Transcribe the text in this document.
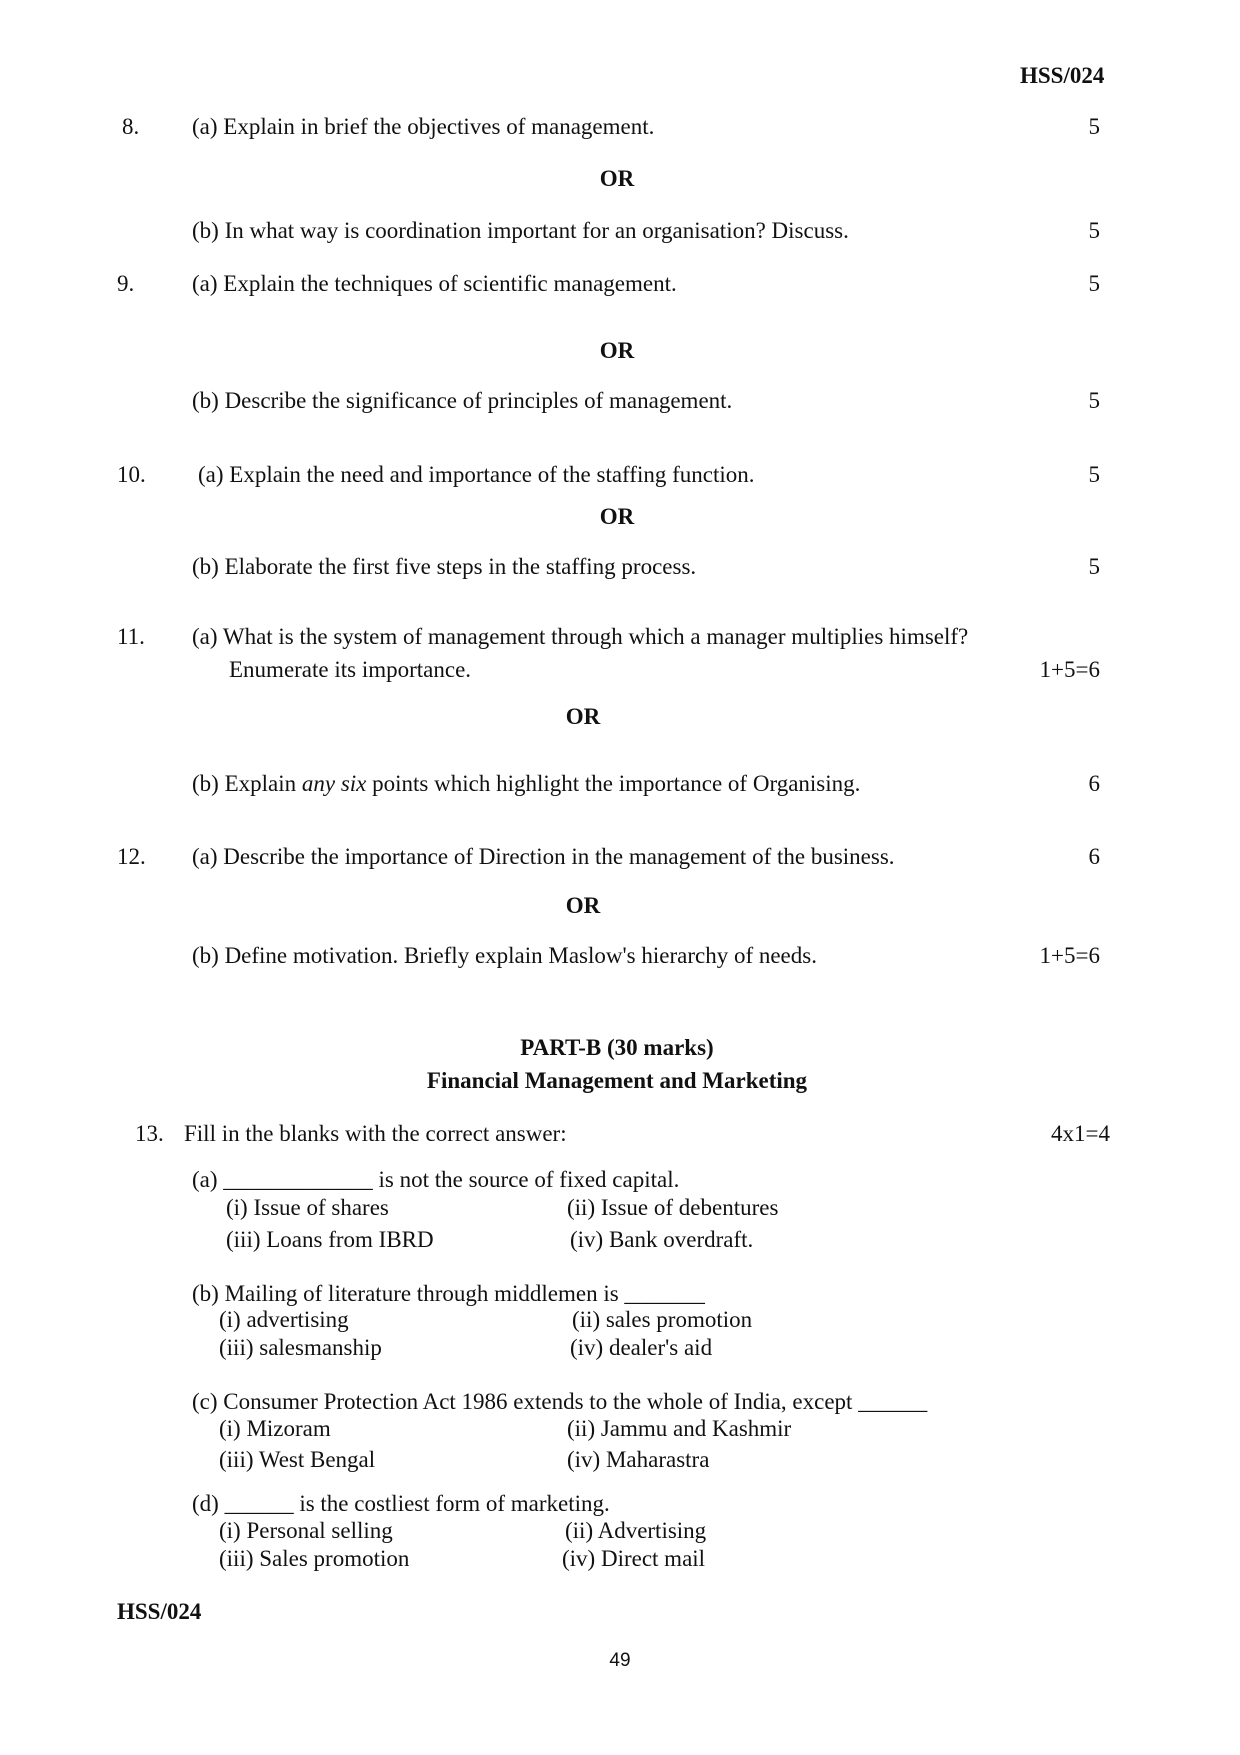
HSS/024
8. (a) Explain in brief the objectives of management.	5
OR
(b) In what way is coordination important for an organisation? Discuss.	5
9.	(a) Explain the techniques of scientific management.	5
OR
(b) Describe the significance of principles of management.	5
10. (a) Explain the need and importance of the staffing function.	5
OR
(b) Elaborate the first five steps in the staffing process.	5
11. (a) What is the system of management through which a manager multiplies himself?
Enumerate its importance.	1+5=6
OR
(b) Explain any six points which highlight the importance of Organising.	6
12. (a) Describe the importance of Direction in the management of the business.	6
OR
(b) Define motivation. Briefly explain Maslow's hierarchy of needs.	1+5=6
PART-B (30 marks)
Financial Management and Marketing
13. Fill in the blanks with the correct answer:	4x1=4
(a) _____________ is not the source of fixed capital.
(i) Issue of shares	(ii) Issue of debentures
(iii) Loans from IBRD	(iv) Bank overdraft.
(b) Mailing of literature through middlemen is _______
(i) advertising	(ii) sales promotion
(iii) salesmanship	(iv) dealer's aid
(c) Consumer Protection Act 1986 extends to the whole of India, except ______
(i) Mizoram	(ii) Jammu and Kashmir
(iii) West Bengal	(iv) Maharastra
(d) ______ is the costliest form of marketing.
(i) Personal selling	(ii) Advertising
(iii) Sales promotion	(iv) Direct mail
HSS/024
49
